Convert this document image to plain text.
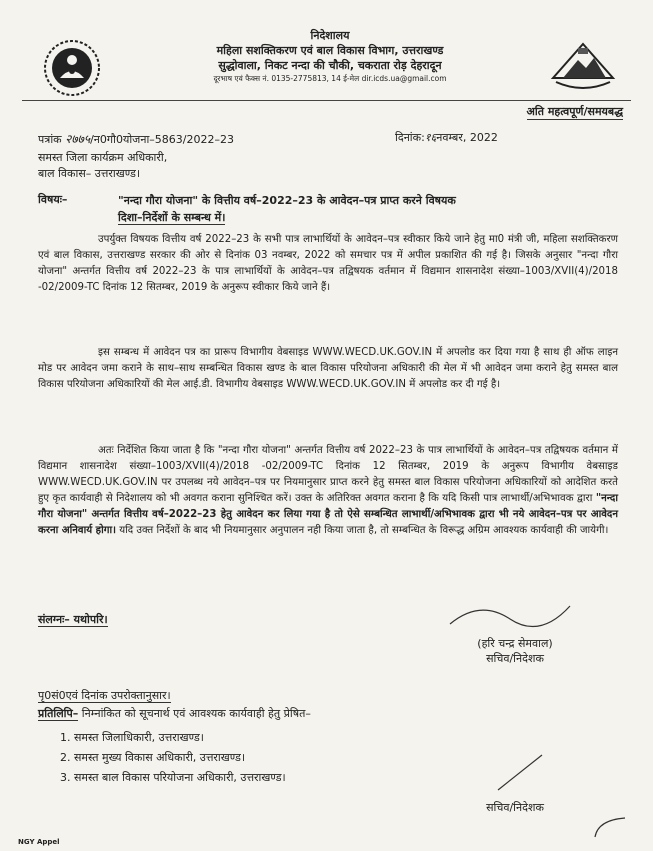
निदेशालय
महिला सशक्तिकरण एवं बाल विकास विभाग, उत्तराखण्ड
सुद्धोवाला, निकट नन्दा की चौकी, चकराता रोड़ देहरादून
दूरभाष एवं फैक्स नं. 0135-2775813, 14 ई-मेल dir.icds.ua@gmail.com
अति महत्वपूर्ण/समयबद्ध
पत्रांक २७७५/न0गौ0योजना–5863/2022–23	दिनांक:१६नवम्बर, 2022
समस्त जिला कार्यक्रम अधिकारी,
बाल विकास– उत्तराखण्ड।
विषयः–	"नन्दा गौरा योजना" के वित्तीय वर्ष–2022–23 के आवेदन–पत्र प्राप्त करने विषयक
दिशा–निर्देशों के सम्बन्ध में।
उपर्युक्त विषयक वित्तीय वर्ष 2022–23 के सभी पात्र लाभार्थियों के आवेदन–पत्र स्वीकार किये जाने हेतु मा0 मंत्री जी, महिला सशक्तिकरण एवं बाल विकास, उत्तराखण्ड सरकार की ओर से दिनांक 03 नवम्बर, 2022 को समचार पत्र में अपील प्रकाशित की गई है। जिसके अनुसार "नन्दा गौरा योजना" अन्तर्गत वित्तीय वर्ष 2022–23 के पात्र लाभार्थियों के आवेदन–पत्र तद्विषयक वर्तमान में विद्यमान शासनादेश संख्या–1003/XVII(4)/2018 -02/2009-TC दिनांक 12 सितम्बर, 2019 के अनुरूप स्वीकार किये जाने हैं।
इस सम्बन्ध में आवेदन पत्र का प्रारूप विभागीय वेबसाइड WWW.WECD.UK.GOV.IN में अपलोड कर दिया गया है साथ ही ऑफ लाइन मोड पर आवेदन जमा कराने के साथ–साथ सम्बन्धित विकास खण्ड के बाल विकास परियोजना अधिकारी की मेल में भी आवेदन जमा कराने हेतु समस्त बाल विकास परियोजना अधिकारियों की मेल आई.डी. विभागीय वेबसाइड WWW.WECD.UK.GOV.IN में अपलोड कर दी गई है।
अतः निर्देशित किया जाता है कि "नन्दा गौरा योजना" अन्तर्गत वित्तीय वर्ष 2022–23 के पात्र लाभार्थियों के आवेदन–पत्र तद्विषयक वर्तमान में विद्यमान शासनादेश संख्या–1003/XVII(4)/2018 -02/2009-TC दिनांक 12 सितम्बर, 2019 के अनुरूप विभागीय वेबसाइड WWW.WECD.UK.GOV.IN पर उपलब्ध नये आवेदन–पत्र पर नियमानुसार प्राप्त करने हेतु समस्त बाल विकास परियोजना अधिकारियों को आदेशित करते हुए कृत कार्यवाही से निदेशालय को भी अवगत कराना सुनिश्चित करें। उक्त के अतिरिक्त अवगत कराना है कि यदि किसी पात्र लाभार्थी/अभिभावक द्वारा "नन्दा गौरा योजना" अन्तर्गत वित्तीय वर्ष–2022–23 हेतु आवेदन कर लिया गया है तो ऐसे सम्बन्धित लाभार्थी/अभिभावक द्वारा भी नये आवेदन–पत्र पर आवेदन करना अनिवार्य होगा। यदि उक्त निर्देशों के बाद भी नियमानुसार अनुपालन नही किया जाता है, तो सम्बन्धित के विरूद्ध अग्रिम आवश्यक कार्यवाही की जायेगी।
संलग्नः– यथोपरि।
(हरि चन्द्र सेमवाल)
सचिव/निदेशक
पृ0सं0एवं दिनांक उपरोक्तानुसार।
प्रतिलिपि– निम्नांकित को सूचनार्थ एवं आवश्यक कार्यवाही हेतु प्रेषित–
1. समस्त जिलाधिकारी, उत्तराखण्ड।
2. समस्त मुख्य विकास अधिकारी, उत्तराखण्ड।
3. समस्त बाल विकास परियोजना अधिकारी, उत्तराखण्ड।
सचिव/निदेशक
NGY Appel
